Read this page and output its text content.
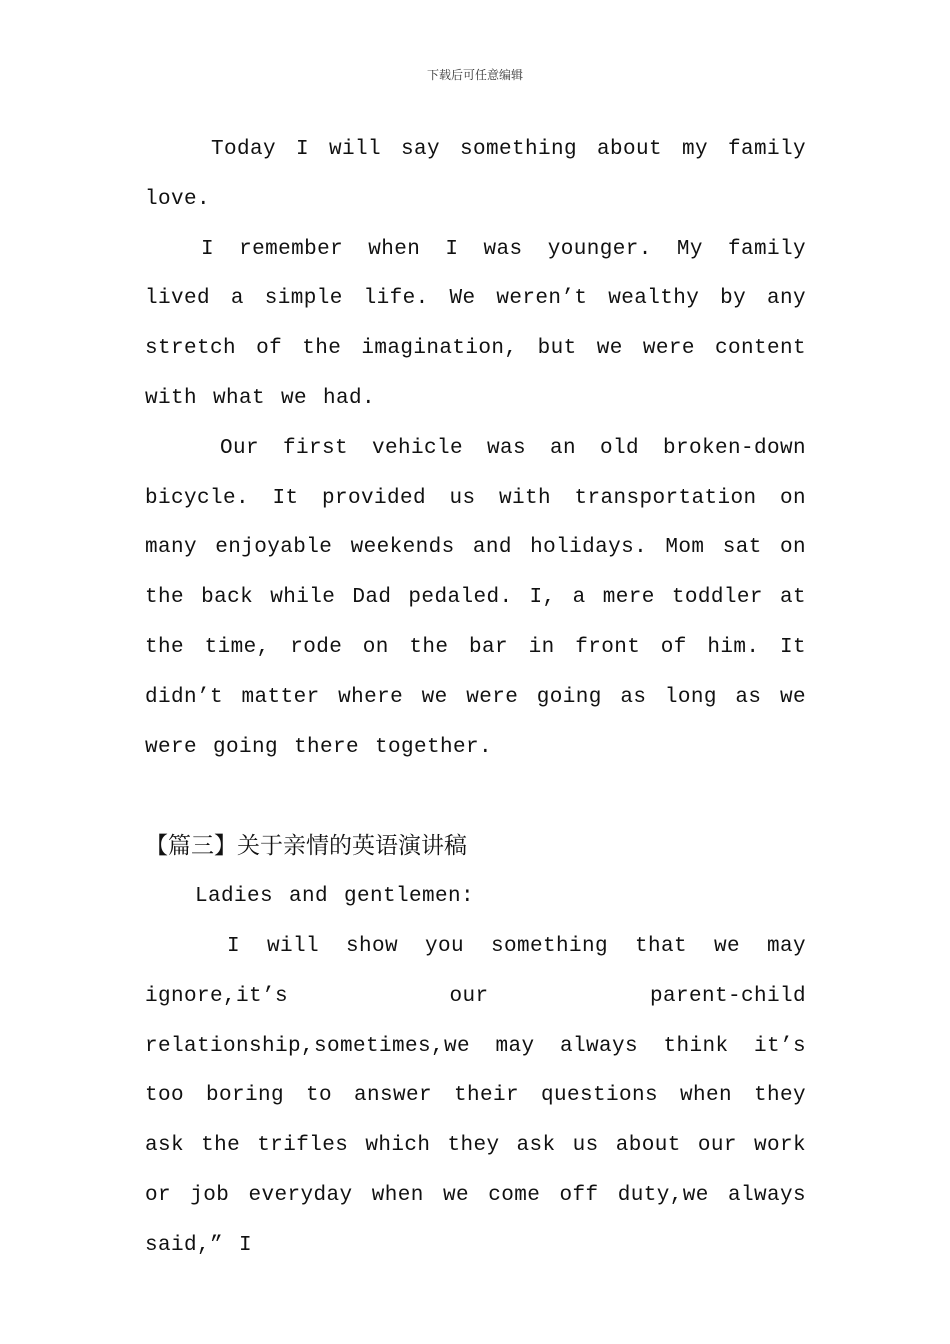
下载后可任意编辑

Today I will say something about my family love.

I remember when I was younger. My family lived a simple life. We weren’t wealthy by any stretch of the imagination, but we were content with what we had.

Our first vehicle was an old broken-down bicycle. It provided us with transportation on many enjoyable weekends and holidays. Mom sat on the back while Dad pedaled. I, a mere toddler at the time, rode on the bar in front of him. It didn’t matter where we were going as long as we were going there together.

【篇三】关于亲情的英语演讲稿

Ladies and gentlemen:

I will show you something that we may ignore,it’s our parent-child relationship,sometimes,we may always think it’s too boring to answer their questions when they ask the trifles which they ask us about our work or job everyday when we come off duty,we always said,” I
